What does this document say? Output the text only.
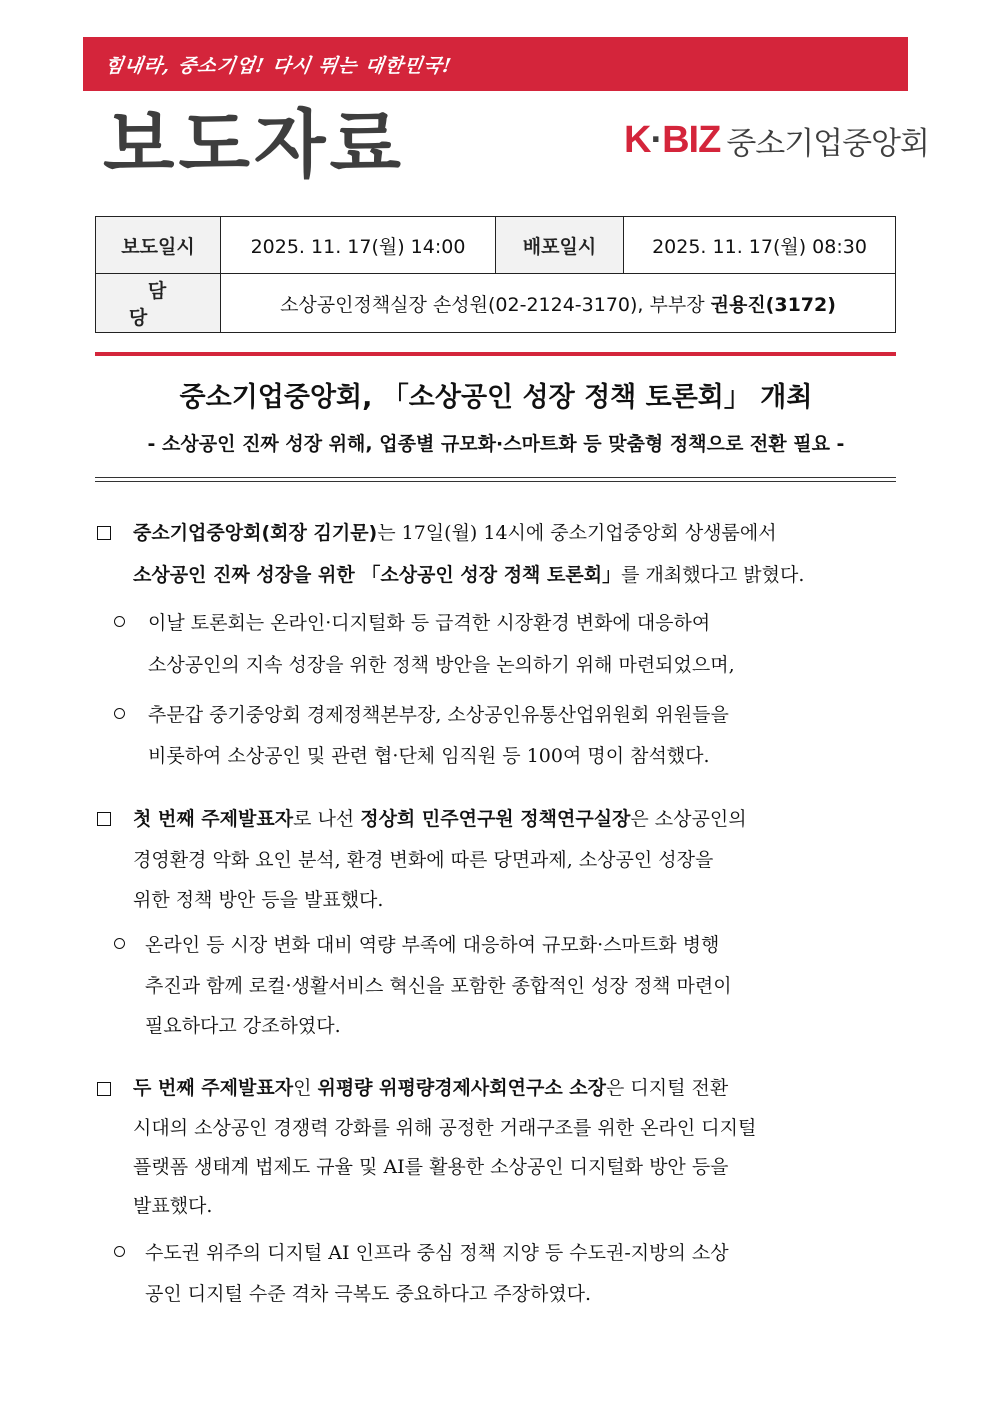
힘내라, 중소기업! 다시 뛰는 대한민국!
보도자료	K·BIZ 중소기업중앙회
보도일시	2025. 11. 17(월) 14:00	배포일시	2025. 11. 17(월) 08:30
담당	소상공인정책실장 손성원(02-2124-3170), 부부장 권용진(3172)		
중소기업중앙회, 「소상공인 성장 정책 토론회」 개최
- 소상공인 진짜 성장 위해, 업종별 규모화·스마트화 등 맞춤형 정책으로 전환 필요 -
중소기업중앙회(회장 김기문)는 17일(월) 14시에 중소기업중앙회 상생룸에서
소상공인 진짜 성장을 위한 「소상공인 성장 정책 토론회」를 개최했다고 밝혔다.
이날 토론회는 온라인·디지털화 등 급격한 시장환경 변화에 대응하여
소상공인의 지속 성장을 위한 정책 방안을 논의하기 위해 마련되었으며,
추문갑 중기중앙회 경제정책본부장, 소상공인유통산업위원회 위원들을
비롯하여 소상공인 및 관련 협·단체 임직원 등 100여 명이 참석했다.
첫 번째 주제발표자로 나선 정상희 민주연구원 정책연구실장은 소상공인의
경영환경 악화 요인 분석, 환경 변화에 따른 당면과제, 소상공인 성장을
위한 정책 방안 등을 발표했다.
온라인 등 시장 변화 대비 역량 부족에 대응하여 규모화·스마트화 병행
추진과 함께 로컬·생활서비스 혁신을 포함한 종합적인 성장 정책 마련이
필요하다고 강조하였다.
두 번째 주제발표자인 위평량 위평량경제사회연구소 소장은 디지털 전환
시대의 소상공인 경쟁력 강화를 위해 공정한 거래구조를 위한 온라인 디지털
플랫폼 생태계 법제도 규율 및 AI를 활용한 소상공인 디지털화 방안 등을
발표했다.
수도권 위주의 디지털 AI 인프라 중심 정책 지양 등 수도권-지방의 소상
공인 디지털 수준 격차 극복도 중요하다고 주장하였다.
